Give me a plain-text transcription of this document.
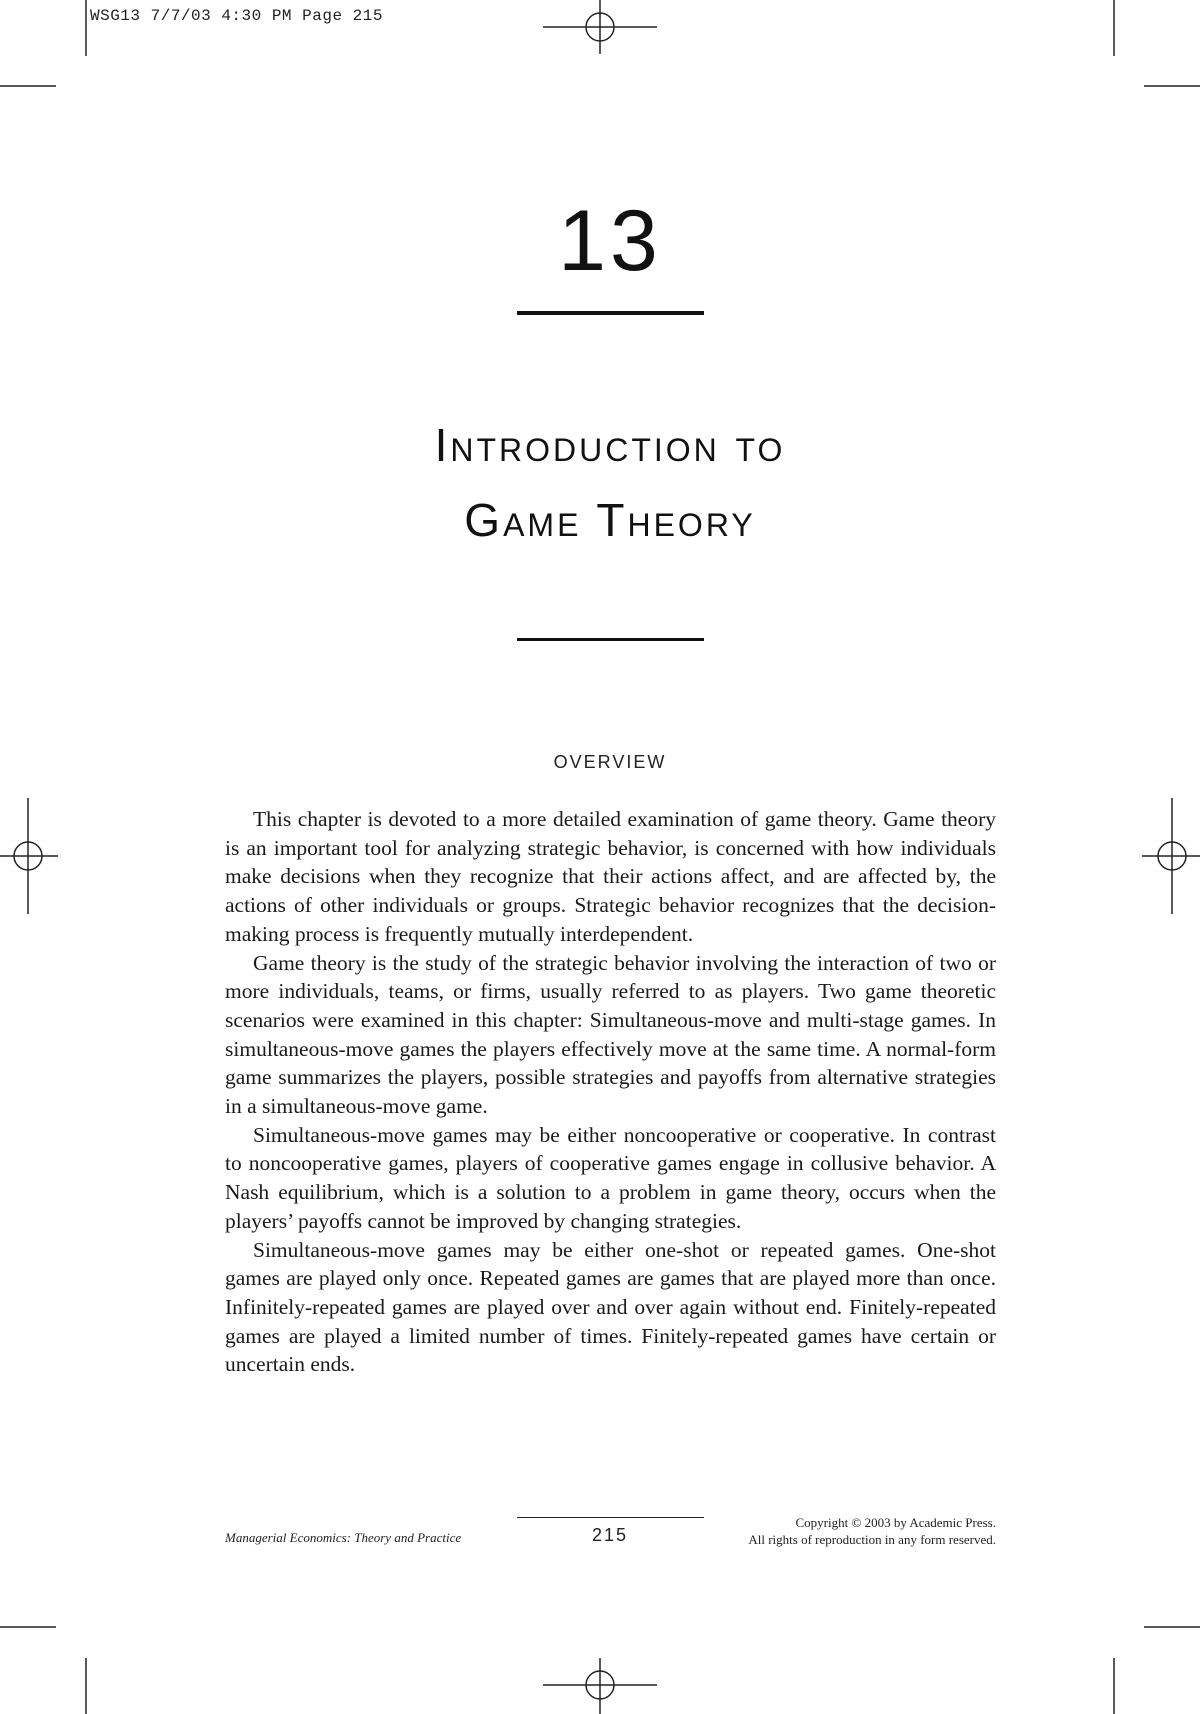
WSG13 7/7/03 4:30 PM Page 215
13
Introduction to
Game Theory
OVERVIEW

This chapter is devoted to a more detailed examination of game theory. Game theory is an important tool for analyzing strategic behavior, is concerned with how individuals make decisions when they recognize that their actions affect, and are affected by, the actions of other individuals or groups. Strategic behavior recognizes that the decision-making process is frequently mutually interdependent.

Game theory is the study of the strategic behavior involving the interaction of two or more individuals, teams, or firms, usually referred to as players. Two game theoretic scenarios were examined in this chapter: Simultaneous-move and multi-stage games. In simultaneous-move games the players effectively move at the same time. A normal-form game summarizes the players, possible strategies and payoffs from alternative strategies in a simultaneous-move game.

Simultaneous-move games may be either noncooperative or cooperative. In contrast to noncooperative games, players of cooperative games engage in collusive behavior. A Nash equilibrium, which is a solution to a problem in game theory, occurs when the players’ payoffs cannot be improved by changing strategies.

Simultaneous-move games may be either one-shot or repeated games. One-shot games are played only once. Repeated games are games that are played more than once. Infinitely-repeated games are played over and over again without end. Finitely-repeated games are played a limited number of times. Finitely-repeated games have certain or uncertain ends.

Managerial Economics: Theory and Practice	215
Copyright © 2003 by Academic Press.
All rights of reproduction in any form reserved.
